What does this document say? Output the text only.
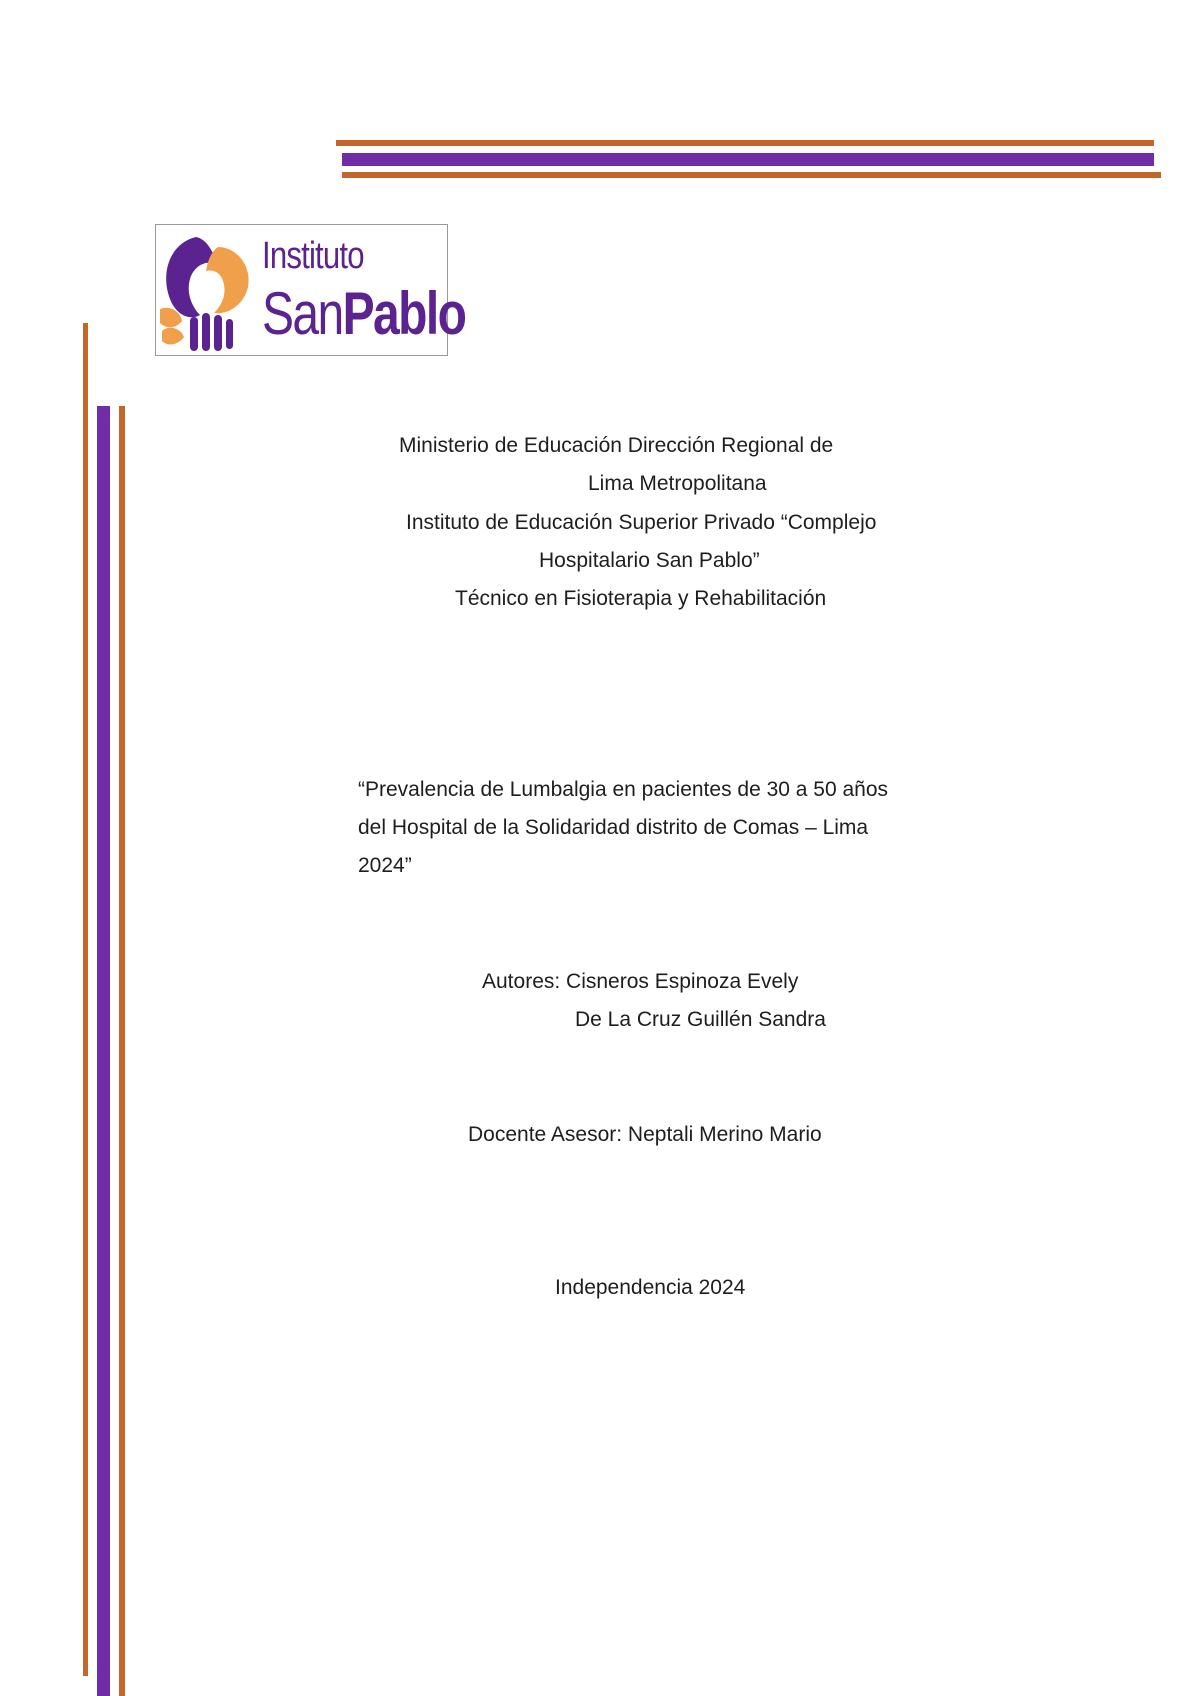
Instituto
SanPablo
Ministerio de Educación Dirección Regional de
Lima Metropolitana
Instituto de Educación Superior Privado “Complejo
Hospitalario San Pablo”
Técnico en Fisioterapia y Rehabilitación
“Prevalencia de Lumbalgia en pacientes de 30 a 50 años
del Hospital de la Solidaridad distrito de Comas – Lima
2024”
Autores: Cisneros Espinoza Evely
De La Cruz Guillén Sandra
Docente Asesor: Neptali Merino Mario
Independencia 2024
